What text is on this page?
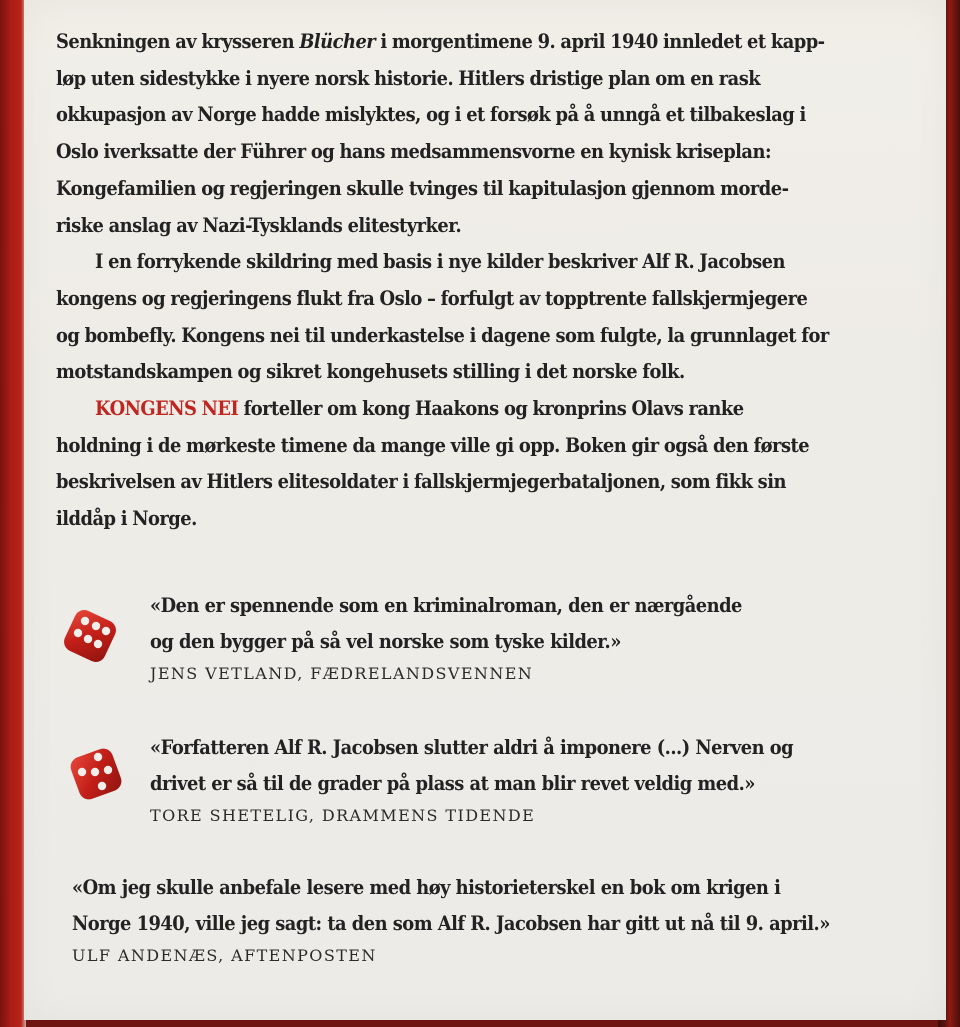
Senkningen av krysseren Blücher i morgentimene 9. april 1940 innledet et kapp-
løp uten sidestykke i nyere norsk historie. Hitlers dristige plan om en rask
okkupasjon av Norge hadde mislyktes, og i et forsøk på å unngå et tilbakeslag i
Oslo iverksatte der Führer og hans medsammensvorne en kynisk kriseplan:
Kongefamilien og regjeringen skulle tvinges til kapitulasjon gjennom morde-
riske anslag av Nazi-Tysklands elitestyrker.

I en forrykende skildring med basis i nye kilder beskriver Alf R. Jacobsen
kongens og regjeringens flukt fra Oslo – forfulgt av topptrente fallskjermjegere
og bombefly. Kongens nei til underkastelse i dagene som fulgte, la grunnlaget for
motstandskampen og sikret kongehusets stilling i det norske folk.

KONGENS NEI forteller om kong Haakons og kronprins Olavs ranke
holdning i de mørkeste timene da mange ville gi opp. Boken gir også den første
beskrivelsen av Hitlers elitesoldater i fallskjermjegerbataljonen, som fikk sin
ilddåp i Norge.

«Den er spennende som en kriminalroman, den er nærgående
og den bygger på så vel norske som tyske kilder.»
JENS VETLAND, FÆDRELANDSVENNEN
«Forfatteren Alf R. Jacobsen slutter aldri å imponere (...) Nerven og
drivet er så til de grader på plass at man blir revet veldig med.»
TORE SHETELIG, DRAMMENS TIDENDE
«Om jeg skulle anbefale lesere med høy historieterskel en bok om krigen i
Norge 1940, ville jeg sagt: ta den som Alf R. Jacobsen har gitt ut nå til 9. april.»
ULF ANDENÆS, AFTENPOSTEN
